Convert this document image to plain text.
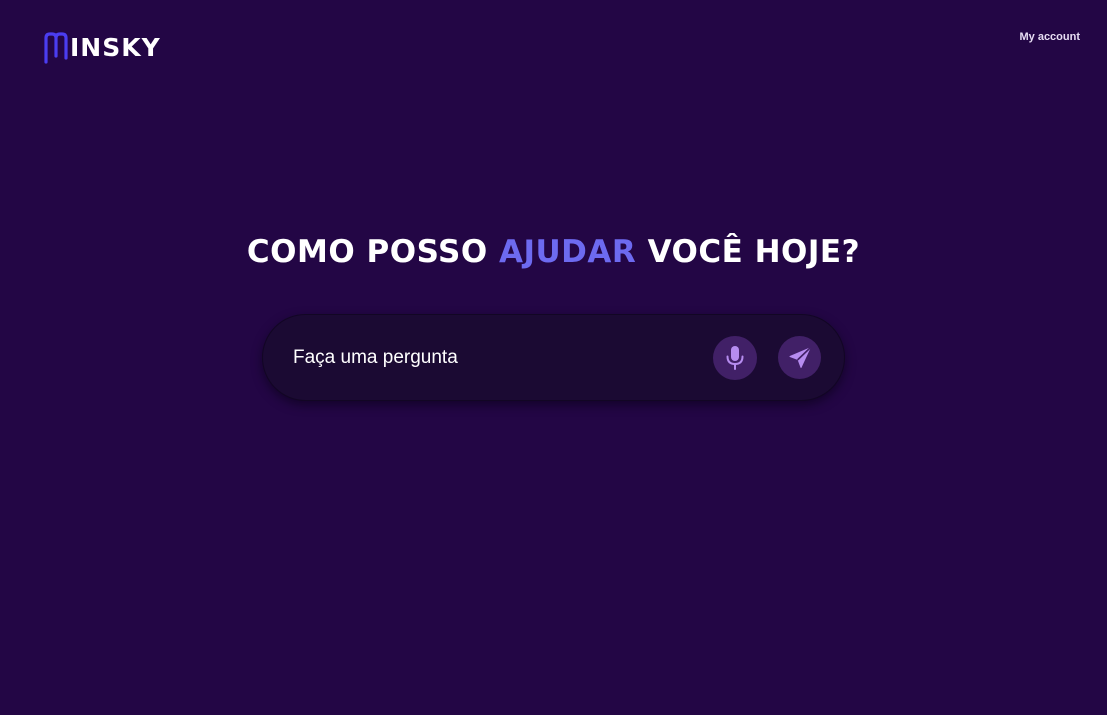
INSKY	My account
COMO POSSO AJUDAR VOCÊ HOJE?
Faça uma pergunta
